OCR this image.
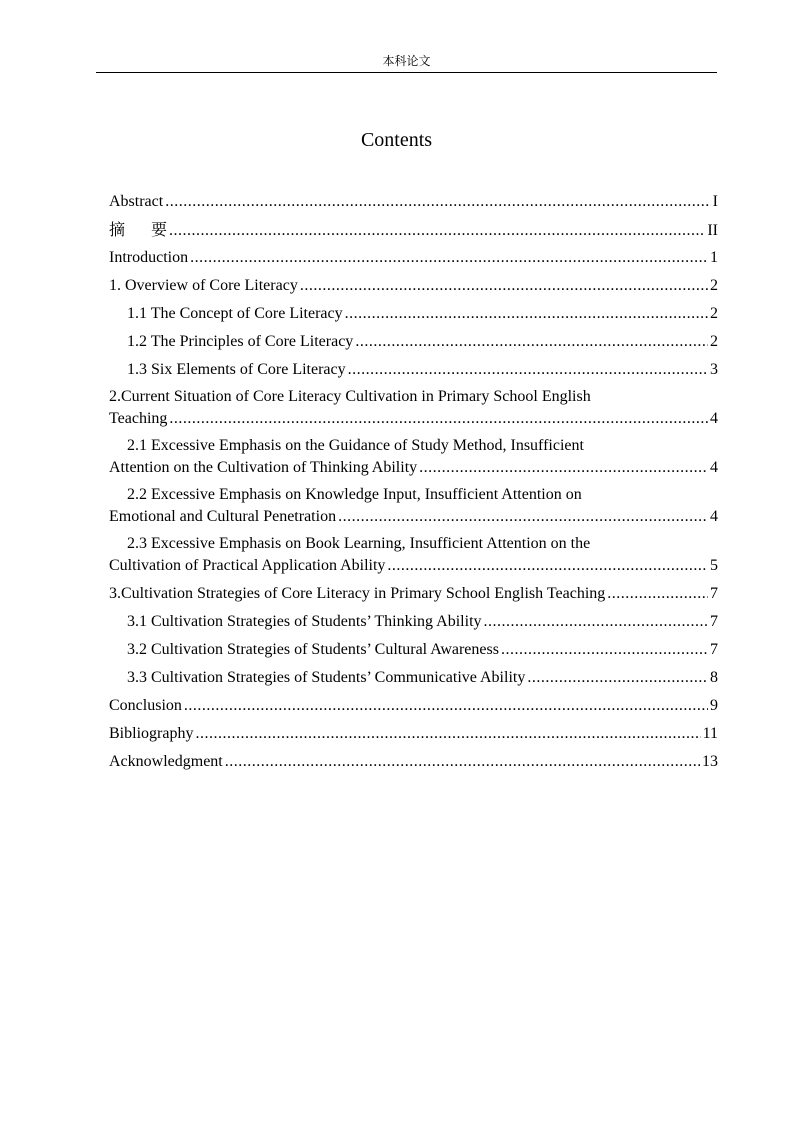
本科论文
Contents
Abstract .....	I
摘 要 .....	II
Introduction .....	1
1. Overview of Core Literacy .....	2
1.1 The Concept of Core Literacy .....	2
1.2 The Principles of Core Literacy .....	2
1.3 Six Elements of Core Literacy .....	3
2.Current Situation of Core Literacy Cultivation in Primary School English
Teaching .....	4
2.1 Excessive Emphasis on the Guidance of Study Method, Insufficient
Attention on the Cultivation of Thinking Ability .....	4
2.2 Excessive Emphasis on Knowledge Input, Insufficient Attention on
Emotional and Cultural Penetration .....	4
2.3 Excessive Emphasis on Book Learning, Insufficient Attention on the
Cultivation of Practical Application Ability .....	5
3.Cultivation Strategies of Core Literacy in Primary School English Teaching .....	7
3.1 Cultivation Strategies of Students’ Thinking Ability .....	7
3.2 Cultivation Strategies of Students’ Cultural Awareness .....	7
3.3 Cultivation Strategies of Students’ Communicative Ability .....	8
Conclusion .....	9
Bibliography .....	11
Acknowledgment .....	13
